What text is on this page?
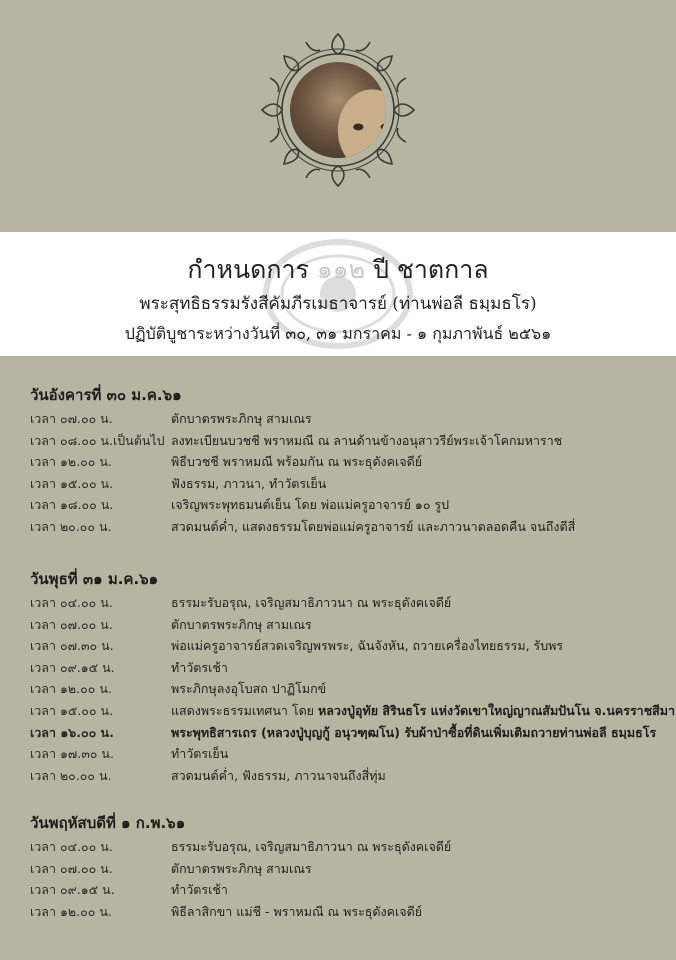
กำหนดการ ๑๑๒ ปี ชาตกาล
พระสุทธิธรรมรังสีคัมภีรเมธาจารย์ (ท่านพ่อลี ธมฺมธโร)
ปฏิบัติบูชาระหว่างวันที่ ๓๐, ๓๑ มกราคม - ๑ กุมภาพันธ์ ๒๕๖๑
วันอังคารที่ ๓๐ ม.ค.๖๑
เวลา ๐๗.๐๐ น.	ตักบาตรพระภิกษุ สามเณร
เวลา ๐๘.๐๐ น.เป็นต้นไป ลงทะเบียนบวชชี พราหมณี ณ ลานด้านข้างอนุสาวรีย์พระเจ้าโคกมหาราช
เวลา ๑๒.๐๐ น.	พิธีบวชชี พราหมณี พร้อมกัน ณ พระธุดังคเจดีย์
เวลา ๑๕.๐๐ น.	ฟังธรรม, ภาวนา, ทำวัตรเย็น
เวลา ๑๘.๐๐ น.	เจริญพระพุทธมนต์เย็น โดย พ่อแม่ครูอาจารย์ ๑๐ รูป
เวลา ๒๐.๐๐ น.	สวดมนต์ค่ำ, แสดงธรรมโดยพ่อแม่ครูอาจารย์ และภาวนาตลอดคืน จนถึงตีสี่
วันพุธที่ ๓๑ ม.ค.๖๑
เวลา ๐๔.๐๐ น.	ธรรมะรับอรุณ, เจริญสมาธิภาวนา ณ พระธุดังคเจดีย์
เวลา ๐๗.๐๐ น.	ตักบาตรพระภิกษุ สามเณร
เวลา ๐๗.๓๐ น.	พ่อแม่ครูอาจารย์สวดเจริญพรพระ, ฉันจังหัน, ถวายเครื่องไทยธรรม, รับพร
เวลา ๐๙.๑๕ น.	ทำวัตรเช้า
เวลา ๑๒.๐๐ น.	พระภิกษุลงอุโบสถ ปาฏิโมกข์
เวลา ๑๕.๐๐ น.	แสดงพระธรรมเทศนา โดย หลวงปู่อุทัย สิรินธโร แห่งวัดเขาใหญ่ญาณสัมปันโน จ.นครราชสีมา
เวลา ๑๖.๐๐ น.	พระพุทธิสารเถร (หลวงปู่บุญกู้ อนุวฑฺฒโน) รับผ้าป่าซื้อที่ดินเพิ่มเติมถวายท่านพ่อลี ธมฺมธโร
เวลา ๑๗.๓๐ น.	ทำวัตรเย็น
เวลา ๒๐.๐๐ น.	สวดมนต์ค่ำ, ฟังธรรม, ภาวนาจนถึงสี่ทุ่ม
วันพฤหัสบดีที่ ๑ ก.พ.๖๑
เวลา ๐๔.๐๐ น.	ธรรมะรับอรุณ, เจริญสมาธิภาวนา ณ พระธุดังคเจดีย์
เวลา ๐๗.๐๐ น.	ตักบาตรพระภิกษุ สามเณร
เวลา ๐๙.๑๕ น.	ทำวัตรเช้า
เวลา ๑๒.๐๐ น.	พิธีลาสิกขา แม่ชี - พราหมณี ณ พระธุดังคเจดีย์
